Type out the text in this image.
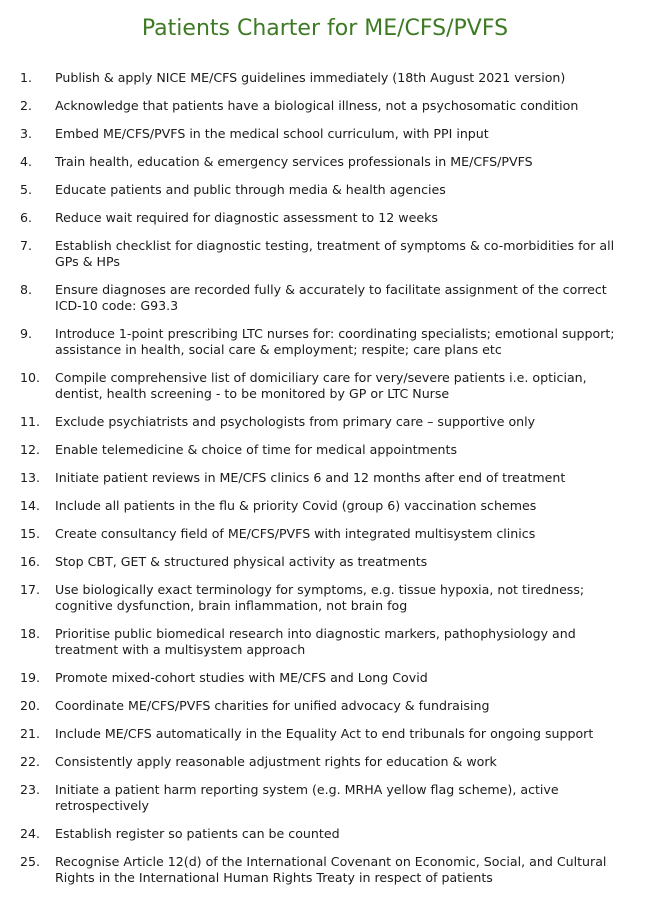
Patients Charter for ME/CFS/PVFS
1.	Publish & apply NICE ME/CFS guidelines immediately (18th August 2021 version)
2.	Acknowledge that patients have a biological illness, not a psychosomatic condition
3.	Embed ME/CFS/PVFS in the medical school curriculum, with PPI input
4.	Train health, education & emergency services professionals in ME/CFS/PVFS
5.	Educate patients and public through media & health agencies
6.	Reduce wait required for diagnostic assessment to 12 weeks
7.	Establish checklist for diagnostic testing, treatment of symptoms & co-morbidities for all GPs & HPs
8.	Ensure diagnoses are recorded fully & accurately to facilitate assignment of the correct ICD-10 code: G93.3
9.	Introduce 1-point prescribing LTC nurses for: coordinating specialists; emotional support; assistance in health, social care & employment; respite; care plans etc
10.	Compile comprehensive list of domiciliary care for very/severe patients i.e. optician, dentist, health screening - to be monitored by GP or LTC Nurse
11.	Exclude psychiatrists and psychologists from primary care – supportive only
12.	Enable telemedicine & choice of time for medical appointments
13.	Initiate patient reviews in ME/CFS clinics 6 and 12 months after end of treatment
14.	Include all patients in the flu & priority Covid (group 6) vaccination schemes
15.	Create consultancy field of ME/CFS/PVFS with integrated multisystem clinics
16.	Stop CBT, GET & structured physical activity as treatments
17.	Use biologically exact terminology for symptoms, e.g. tissue hypoxia, not tiredness; cognitive dysfunction, brain inflammation, not brain fog
18.	Prioritise public biomedical research into diagnostic markers, pathophysiology and treatment with a multisystem approach
19.	Promote mixed-cohort studies with ME/CFS and Long Covid
20.	Coordinate ME/CFS/PVFS charities for unified advocacy & fundraising
21.	Include ME/CFS automatically in the Equality Act to end tribunals for ongoing support
22.	Consistently apply reasonable adjustment rights for education & work
23.	Initiate a patient harm reporting system (e.g. MRHA yellow flag scheme), active retrospectively
24.	Establish register so patients can be counted
25.	Recognise Article 12(d) of the International Covenant on Economic, Social, and Cultural Rights in the International Human Rights Treaty in respect of patients
